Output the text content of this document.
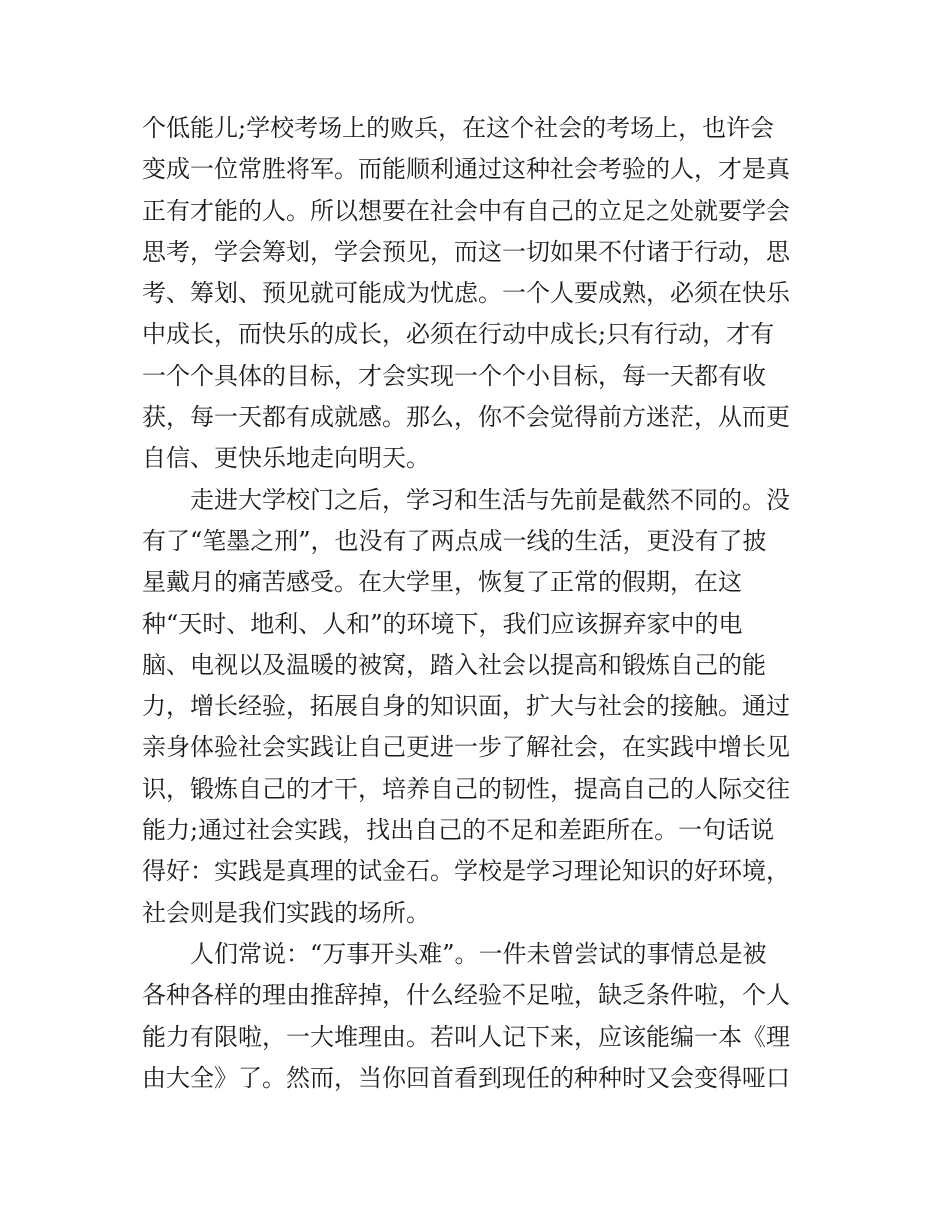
个低能儿;学校考场上的败兵，在这个社会的考场上，也许会
变成一位常胜将军。而能顺利通过这种社会考验的人，才是真
正有才能的人。所以想要在社会中有自己的立足之处就要学会
思考，学会筹划，学会预见，而这一切如果不付诸于行动，思
考、筹划、预见就可能成为忧虑。一个人要成熟，必须在快乐
中成长，而快乐的成长，必须在行动中成长;只有行动，才有
一个个具体的目标，才会实现一个个小目标，每一天都有收
获，每一天都有成就感。那么，你不会觉得前方迷茫，从而更
自信、更快乐地走向明天。
走进大学校门之后，学习和生活与先前是截然不同的。没
有了“笔墨之刑”，也没有了两点成一线的生活，更没有了披
星戴月的痛苦感受。在大学里，恢复了正常的假期，在这
种“天时、地利、人和”的环境下，我们应该摒弃家中的电
脑、电视以及温暖的被窝，踏入社会以提高和锻炼自己的能
力，增长经验，拓展自身的知识面，扩大与社会的接触。通过
亲身体验社会实践让自己更进一步了解社会，在实践中增长见
识，锻炼自己的才干，培养自己的韧性，提高自己的人际交往
能力;通过社会实践，找出自己的不足和差距所在。一句话说
得好：实践是真理的试金石。学校是学习理论知识的好环境，
社会则是我们实践的场所。
人们常说：“万事开头难”。一件未曾尝试的事情总是被
各种各样的理由推辞掉，什么经验不足啦，缺乏条件啦，个人
能力有限啦，一大堆理由。若叫人记下来，应该能编一本《理
由大全》了。然而，当你回首看到现任的种种时又会变得哑口
